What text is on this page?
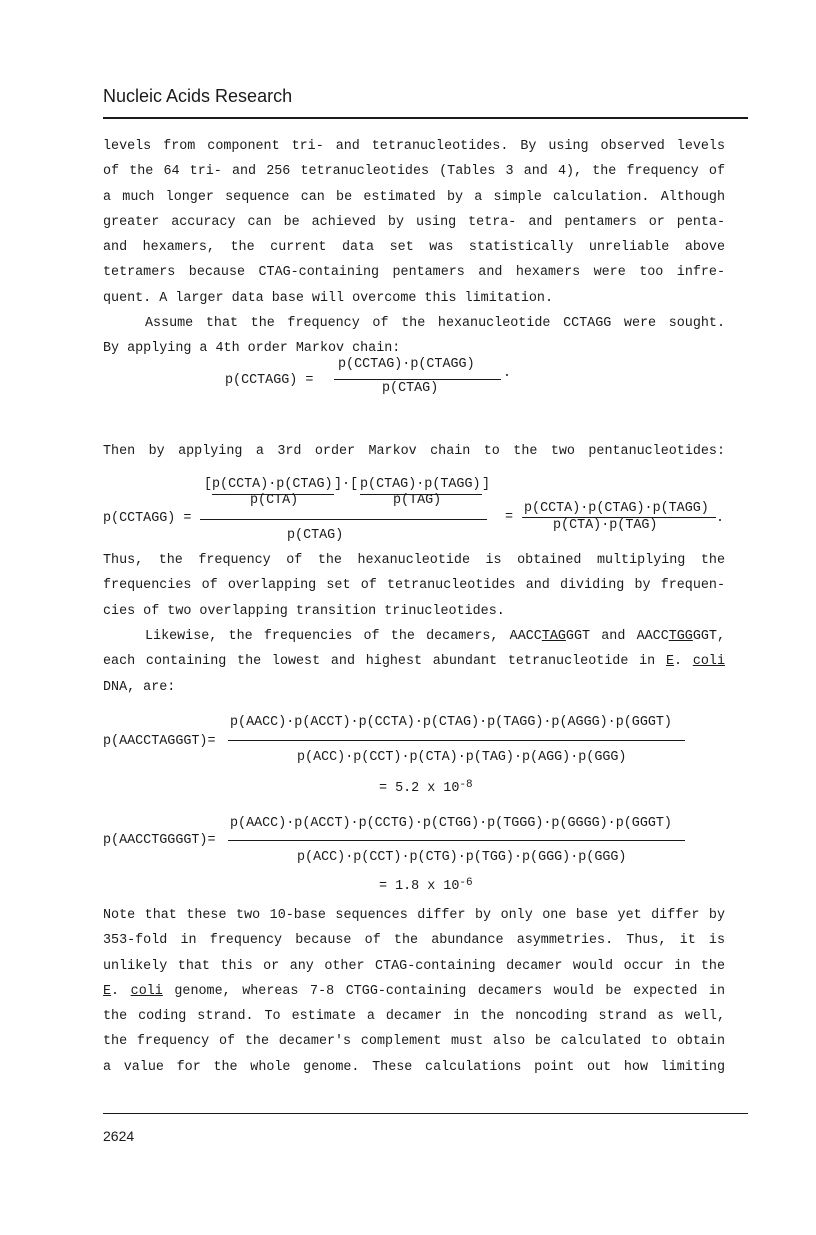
Nucleic Acids Research
levels from component tri- and tetranucleotides. By using observed levels
of the 64 tri- and 256 tetranucleotides (Tables 3 and 4), the frequency of
a much longer sequence can be estimated by a simple calculation. Although
greater accuracy can be achieved by using tetra- and pentamers or penta-
and hexamers, the current data set was statistically unreliable above
tetramers because CTAG-containing pentamers and hexamers were too infre-
quent. A larger data base will overcome this limitation.
Assume that the frequency of the hexanucleotide CCTAGG were sought.
By applying a 4th order Markov chain:
p(CCTAGG) =
p(CCTAG)·p(CTAGG)
p(CTAG)
.
Then by applying a 3rd order Markov chain to the two pentanucleotides:
p(CCTAGG) =
[ p(CCTA)·p(CTAG)
p(CTA)
]·[ p(CTAG)·p(TAGG)
p(TAG)
]
p(CTAG)
=
p(CCTA)·p(CTAG)·p(TAGG)
p(CTA)·p(TAG)	.
Thus, the frequency of the hexanucleotide is obtained multiplying the
frequencies of overlapping set of tetranucleotides and dividing by frequen-
cies of two overlapping transition trinucleotides.
Likewise, the frequencies of the decamers, AACCTAGGGT and AACCTGGGGT,
each containing the lowest and highest abundant tetranucleotide in E. coli
DNA, are:
p(AACCTAGGGT)=
p(AACC)·p(ACCT)·p(CCTA)·p(CTAG)·p(TAGG)·p(AGGG)·p(GGGT)
p(ACC)·p(CCT)·p(CTA)·p(TAG)·p(AGG)·p(GGG)
= 5.2 x $10^{-8}$
p(AACCTGGGGT)=
p(AACC)·p(ACCT)·p(CCTG)·p(CTGG)·p(TGGG)·p(GGGG)·p(GGGT)
p(ACC)·p(CCT)·p(CTG)·p(TGG)·p(GGG)·p(GGG)
= 1.8 x $10^{-6}$
Note that these two 10-base sequences differ by only one base yet differ by
353-fold in frequency because of the abundance asymmetries. Thus, it is
unlikely that this or any other CTAG-containing decamer would occur in the
E. coli genome, whereas 7-8 CTGG-containing decamers would be expected in
the coding strand. To estimate a decamer in the noncoding strand as well,
the frequency of the decamer's complement must also be calculated to obtain
a value for the whole genome. These calculations point out how limiting
2624
